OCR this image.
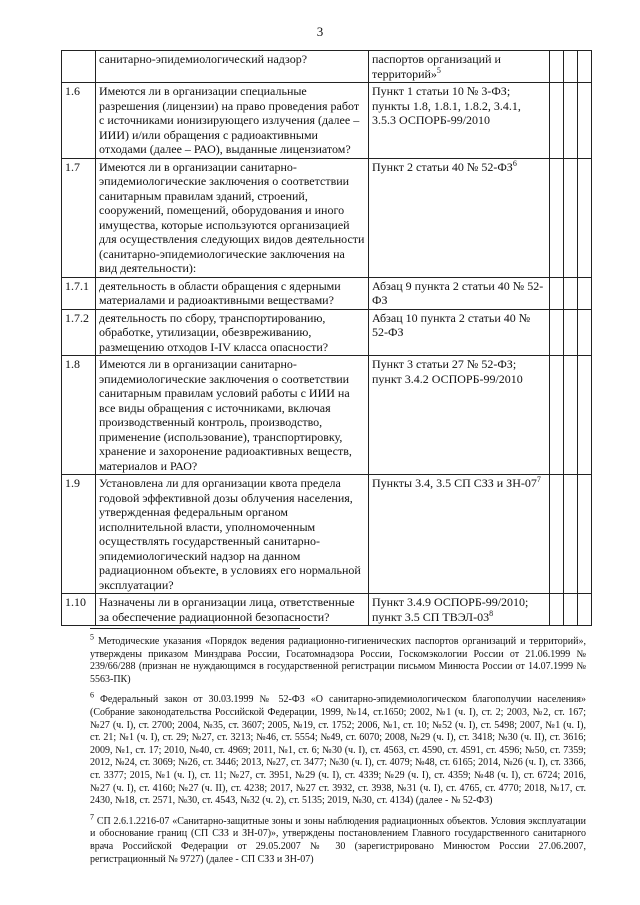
3
	санитарно-эпидемиологический надзор?	паспортов организаций и территорий»$^5$			
1.6	Имеются ли в организации специальные разрешения (лицензии) на право проведения работ с источниками ионизирующего излучения (далее – ИИИ) и/или обращения с радиоактивными отходами (далее – РАО), выданные лицензиатом?	Пункт 1 статьи 10 № 3-ФЗ; пункты 1.8, 1.8.1, 1.8.2, 3.4.1, 3.5.3 ОСПОРБ-99/2010			
1.7	Имеются ли в организации санитарно-эпидемиологические заключения о соответствии санитарным правилам зданий, строений, сооружений, помещений, оборудования и иного имущества, которые используются организацией для осуществления следующих видов деятельности (санитарно-эпидемиологические заключения на вид деятельности):	Пункт 2 статьи 40 № $52-ФЗ^6$			
1.7.1	деятельность в области обращения с ядерными материалами и радиоактивными веществами?	Абзац 9 пункта 2 статьи 40 № 52-ФЗ			
1.7.2	деятельность по сбору, транспортированию, обработке, утилизации, обезвреживанию, размещению отходов I-IV класса опасности?	Абзац 10 пункта 2 статьи 40 № 52-ФЗ			
1.8	Имеются ли в организации санитарно-эпидемиологические заключения о соответствии санитарным правилам условий работы с ИИИ на все виды обращения с источниками, включая производственный контроль, производство, применение (использование), транспортировку, хранение и захоронение радиоактивных веществ, материалов и РАО?	Пункт 3 статьи 27 № 52-ФЗ; пункт 3.4.2 ОСПОРБ-99/2010			
1.9	Установлена ли для организации квота предела годовой эффективной дозы облучения населения, утвержденная федеральным органом исполнительной власти, уполномоченным осуществлять государственный санитарно-эпидемиологический надзор на данном радиационном объекте, в условиях его нормальной эксплуатации?	Пункты 3.4, 3.5 СП СЗЗ и $ЗН-07^7$			
1.10	Назначены ли в организации лица, ответственные за обеспечение радиационной безопасности?	Пункт 3.4.9 ОСПОРБ-99/2010; пункт 3.5 СП ТВЭЛ-$03^8$			

$^5$ Методические указания «Порядок ведения радиационно-гигиенических паспортов организаций и территорий», утверждены приказом Минздрава России, Госатомнадзора России, Госкомэкологии России от 21.06.1999 № 239/66/288 (признан не нуждающимся в государственной регистрации письмом Минюста России от 14.07.1999 № 5563-ПК)

$^6$ Федеральный закон от 30.03.1999 № 52-ФЗ «О санитарно-эпидемиологическом благополучии населения» (Собрание законодательства Российской Федерации, 1999, №14, ст.1650; 2002, №1 (ч. I), ст. 2; 2003, №2, ст. 167; №27 (ч. I), ст. 2700; 2004, №35, ст. 3607; 2005, №19, ст. 1752; 2006, №1, ст. 10; №52 (ч. I), ст. 5498; 2007, №1 (ч. I), ст. 21; №1 (ч. I), ст. 29; №27, ст. 3213; №46, ст. 5554; №49, ст. 6070; 2008, №29 (ч. I), ст. 3418; №30 (ч. II), ст. 3616; 2009, №1, ст. 17; 2010, №40, ст. 4969; 2011, №1, ст. 6; №30 (ч. I), ст. 4563, ст. 4590, ст. 4591, ст. 4596; №50, ст. 7359; 2012, №24, ст. 3069; №26, ст. 3446; 2013, №27, ст. 3477; №30 (ч. I), ст. 4079; №48, ст. 6165; 2014, №26 (ч. I), ст. 3366, ст. 3377; 2015, №1 (ч. I), ст. 11; №27, ст. 3951, №29 (ч. I), ст. 4339; №29 (ч. I), ст. 4359; №48 (ч. I), ст. 6724; 2016, №27 (ч. I), ст. 4160; №27 (ч. II), ст. 4238; 2017, №27 ст. 3932, ст. 3938, №31 (ч. I), ст. 4765, ст. 4770; 2018, №17, ст. 2430, №18, ст. 2571, №30, ст. 4543, №32 (ч. 2), ст. 5135; 2019, №30, ст. 4134) (далее - № 52-ФЗ)

$^7$ СП 2.6.1.2216-07 «Санитарно-защитные зоны и зоны наблюдения радиационных объектов. Условия эксплуатации и обоснование границ (СП СЗЗ и ЗН-07)», утверждены постановлением Главного государственного санитарного врача Российской Федерации от 29.05.2007 № 30 (зарегистрировано Минюстом России 27.06.2007, регистрационный № 9727) (далее - СП СЗЗ и ЗН-07)
